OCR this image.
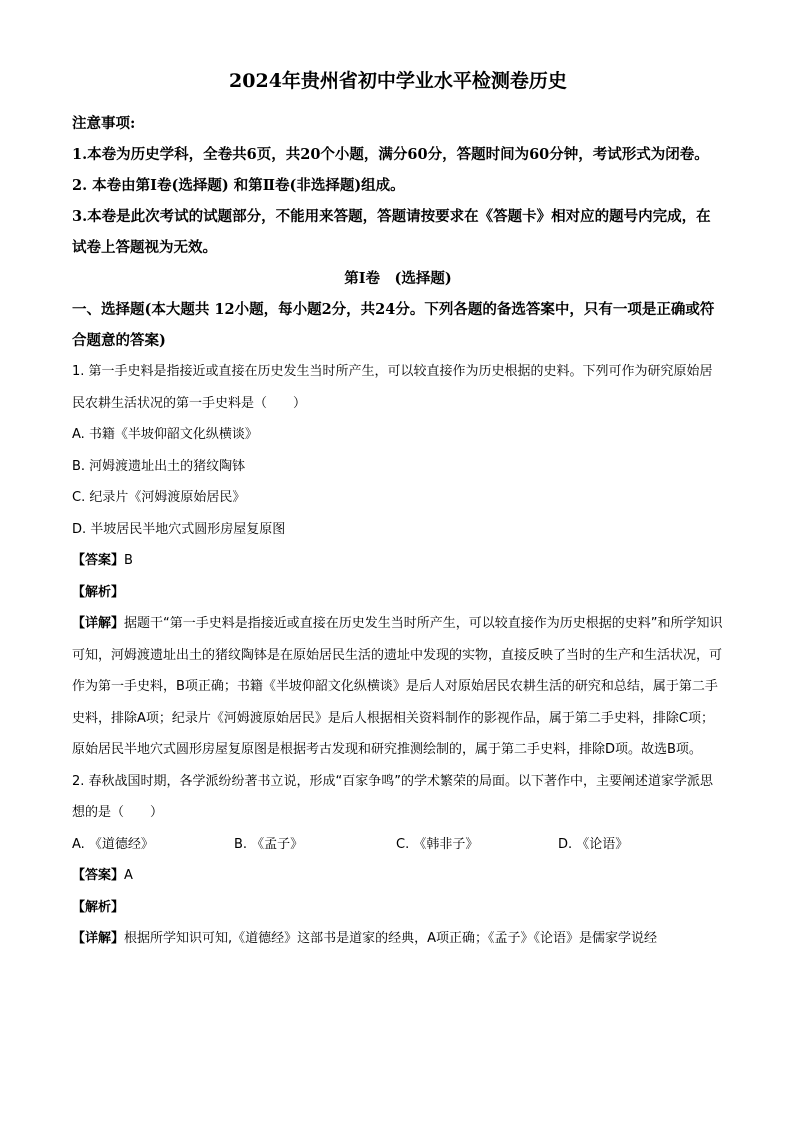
2024年贵州省初中学业水平检测卷历史
注意事项:
1.本卷为历史学科，全卷共6页，共20个小题，满分60分，答题时间为60分钟，考试形式为闭卷。
2. 本卷由第Ⅰ卷(选择题) 和第Ⅱ卷(非选择题)组成。
3.本卷是此次考试的试题部分，不能用来答题，答题请按要求在《答题卡》相对应的题号内完成，在试卷上答题视为无效。
第Ⅰ卷　(选择题)
一、选择题(本大题共 12小题，每小题2分，共24分。下列各题的备选答案中，只有一项是正确或符合题意的答案)
1. 第一手史料是指接近或直接在历史发生当时所产生，可以较直接作为历史根据的史料。下列可作为研究原始居民农耕生活状况的第一手史料是（　　）
A. 书籍《半坡仰韶文化纵横谈》
B. 河姆渡遗址出土的猪纹陶钵
C. 纪录片《河姆渡原始居民》
D. 半坡居民半地穴式圆形房屋复原图
【答案】B
【解析】
【详解】据题干“第一手史料是指接近或直接在历史发生当时所产生，可以较直接作为历史根据的史料”和所学知识可知，河姆渡遗址出土的猪纹陶钵是在原始居民生活的遗址中发现的实物，直接反映了当时的生产和生活状况，可作为第一手史料，B项正确；书籍《半坡仰韶文化纵横谈》是后人对原始居民农耕生活的研究和总结，属于第二手史料，排除A项；纪录片《河姆渡原始居民》是后人根据相关资料制作的影视作品，属于第二手史料，排除C项；原始居民半地穴式圆形房屋复原图是根据考古发现和研究推测绘制的，属于第二手史料，排除D项。故选B项。
2. 春秋战国时期，各学派纷纷著书立说，形成“百家争鸣”的学术繁荣的局面。以下著作中，主要阐述道家学派思想的是（　　）
A. 《道德经》	B. 《孟子》	C. 《韩非子》	D. 《论语》
【答案】A
【解析】
【详解】根据所学知识可知,《道德经》这部书是道家的经典，A项正确；《孟子》《论语》是儒家学说经
